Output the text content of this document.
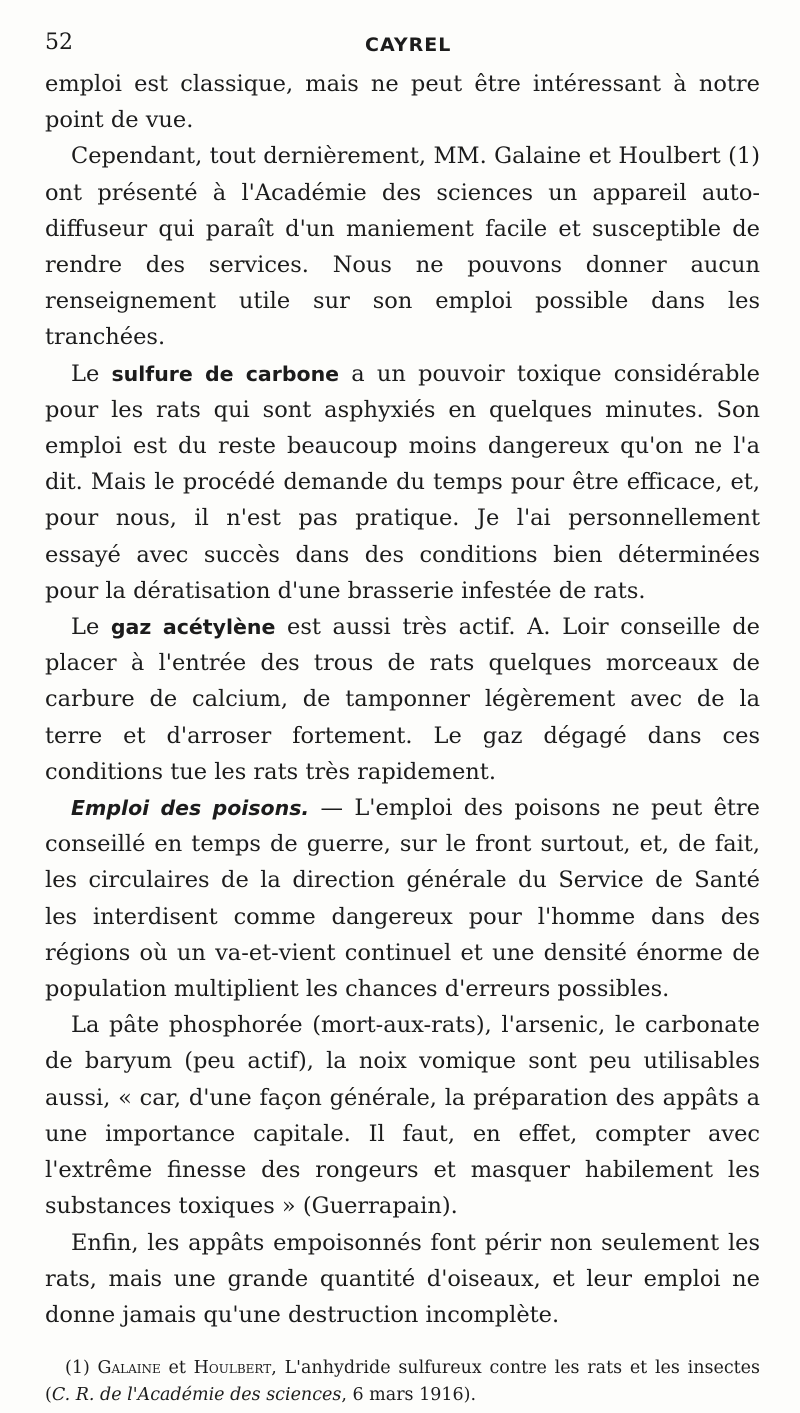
52	CAYREL

emploi est classique, mais ne peut être intéressant à notre point de vue.

Cependant, tout dernièrement, MM. Galaine et Houlbert (1) ont présenté à l'Académie des sciences un appareil auto-diffuseur qui paraît d'un maniement facile et susceptible de rendre des services. Nous ne pouvons donner aucun renseignement utile sur son emploi possible dans les tranchées.

Le sulfure de carbone a un pouvoir toxique considérable pour les rats qui sont asphyxiés en quelques minutes. Son emploi est du reste beaucoup moins dangereux qu'on ne l'a dit. Mais le procédé demande du temps pour être efficace, et, pour nous, il n'est pas pratique. Je l'ai personnellement essayé avec succès dans des conditions bien déterminées pour la dératisation d'une brasserie infestée de rats.

Le gaz acétylène est aussi très actif. A. Loir conseille de placer à l'entrée des trous de rats quelques morceaux de carbure de calcium, de tamponner légèrement avec de la terre et d'arroser fortement. Le gaz dégagé dans ces conditions tue les rats très rapidement.

Emploi des poisons. — L'emploi des poisons ne peut être conseillé en temps de guerre, sur le front surtout, et, de fait, les circulaires de la direction générale du Service de Santé les interdisent comme dangereux pour l'homme dans des régions où un va-et-vient continuel et une densité énorme de population multiplient les chances d'erreurs possibles.

La pâte phosphorée (mort-aux-rats), l'arsenic, le carbonate de baryum (peu actif), la noix vomique sont peu utilisables aussi, « car, d'une façon générale, la préparation des appâts a une importance capitale. Il faut, en effet, compter avec l'extrême finesse des rongeurs et masquer habilement les substances toxiques » (Guerrapain).

Enfin, les appâts empoisonnés font périr non seulement les rats, mais une grande quantité d'oiseaux, et leur emploi ne donne jamais qu'une destruction incomplète.

(1) Galaine et Houlbert, L'anhydride sulfureux contre les rats et les insectes (C. R. de l'Académie des sciences, 6 mars 1916).
